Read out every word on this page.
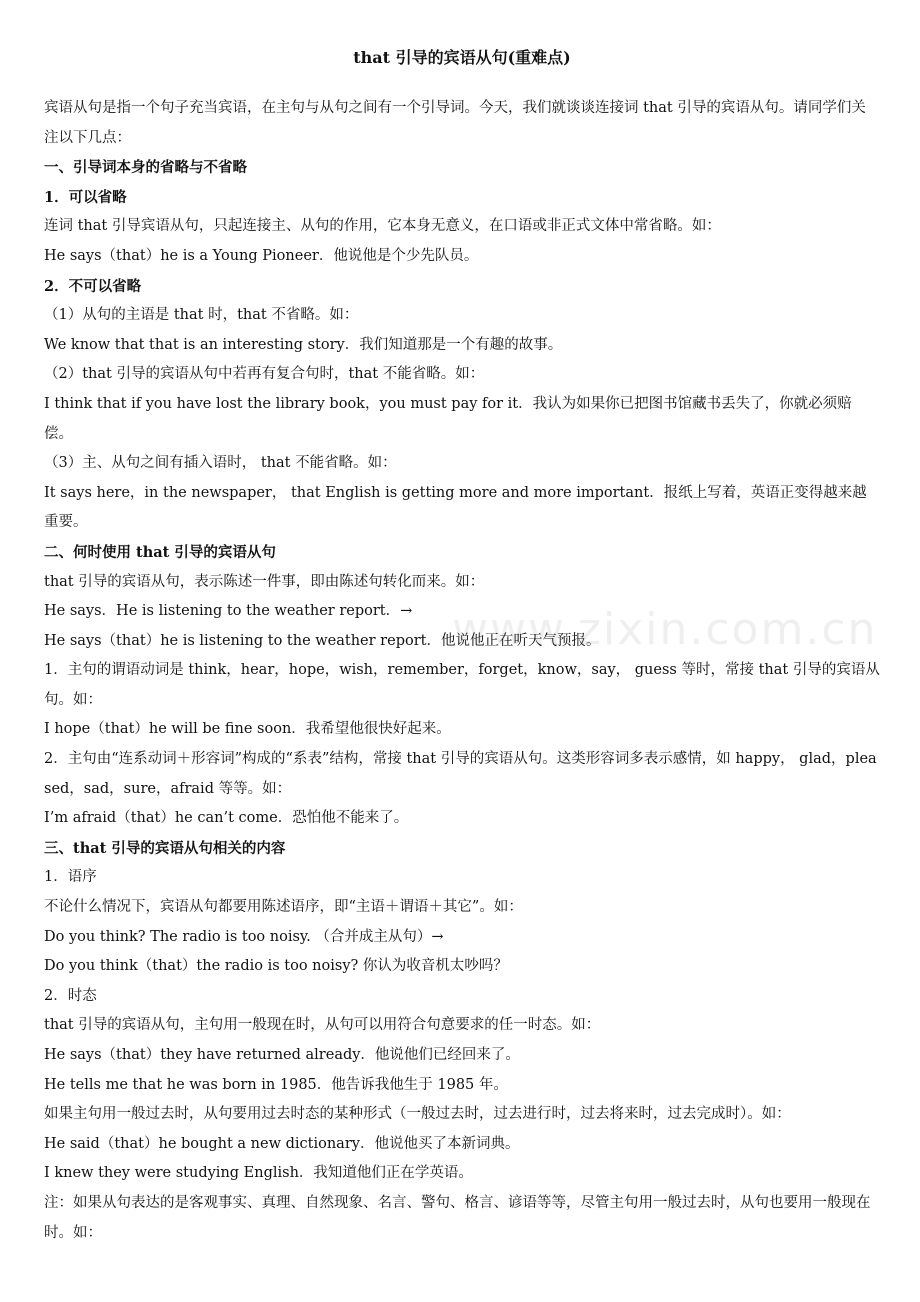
that 引导的宾语从句(重难点)
宾语从句是指一个句子充当宾语，在主句与从句之间有一个引导词。今天，我们就谈谈连接词 that 引导的宾语从句。请同学们关注以下几点：
一、引导词本身的省略与不省略
1．可以省略
连词 that 引导宾语从句，只起连接主、从句的作用，它本身无意义，在口语或非正式文体中常省略。如：
He says（that）he is a Young Pioneer．他说他是个少先队员。
2．不可以省略
（1）从句的主语是 that 时，that 不省略。如：
We know that that is an interesting story．我们知道那是一个有趣的故事。
（2）that 引导的宾语从句中若再有复合句时，that 不能省略。如：
I think that if you have lost the library book，you must pay for it．我认为如果你已把图书馆藏书丢失了，你就必须赔偿。
（3）主、从句之间有插入语时， that 不能省略。如：
It says here，in the newspaper， that English is getting more and more important．报纸上写着，英语正变得越来越重要。
二、何时使用 that 引导的宾语从句
that 引导的宾语从句，表示陈述一件事，即由陈述句转化而来。如：
He says．He is listening to the weather report．→
He says（that）he is listening to the weather report．他说他正在听天气预报。
1．主句的谓语动词是 think，hear，hope，wish，remember，forget，know，say， guess 等时，常接 that 引导的宾语从句。如：
I hope（that）he will be fine soon．我希望他很快好起来。
2．主句由“连系动词＋形容词”构成的“系表”结构，常接 that 引导的宾语从句。这类形容词多表示感情，如 happy， glad，pleased，sad，sure，afraid 等等。如：
I’m afraid（that）he can’t come．恐怕他不能来了。
三、that 引导的宾语从句相关的内容
1．语序
不论什么情况下，宾语从句都要用陈述语序，即“主语＋谓语＋其它”。如：
Do you think? The radio is too noisy. （合并成主从句）→
Do you think（that）the radio is too noisy? 你认为收音机太吵吗？
2．时态
that 引导的宾语从句，主句用一般现在时，从句可以用符合句意要求的任一时态。如：
He says（that）they have returned already．他说他们已经回来了。
He tells me that he was born in 1985．他告诉我他生于 1985 年。
如果主句用一般过去时，从句要用过去时态的某种形式（一般过去时，过去进行时，过去将来时，过去完成时）。如：
He said（that）he bought a new dictionary．他说他买了本新词典。
I knew they were studying English．我知道他们正在学英语。
注：如果从句表达的是客观事实、真理、自然现象、名言、警句、格言、谚语等等，尽管主句用一般过去时，从句也要用一般现在时。如：
www.zixin.com.cn
